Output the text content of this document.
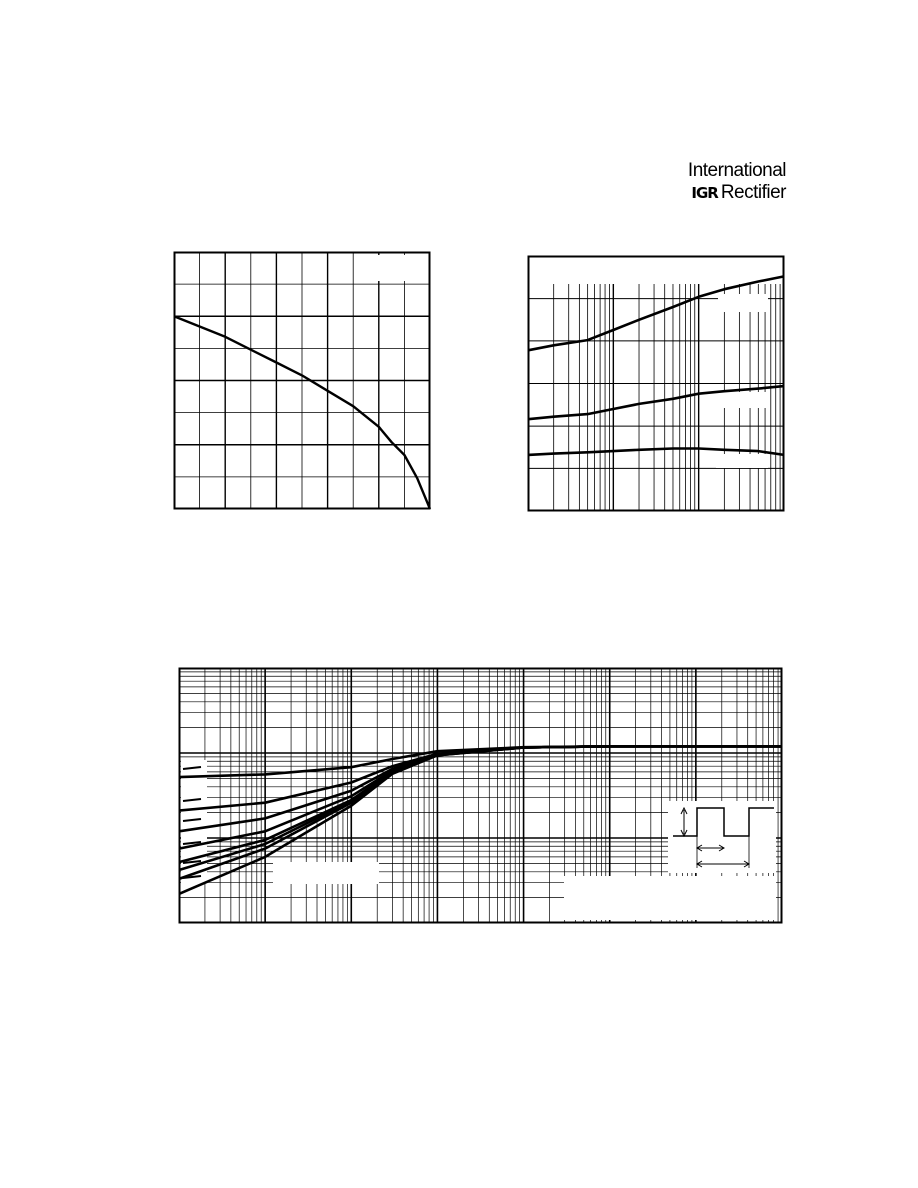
International
IGR Rectifier
